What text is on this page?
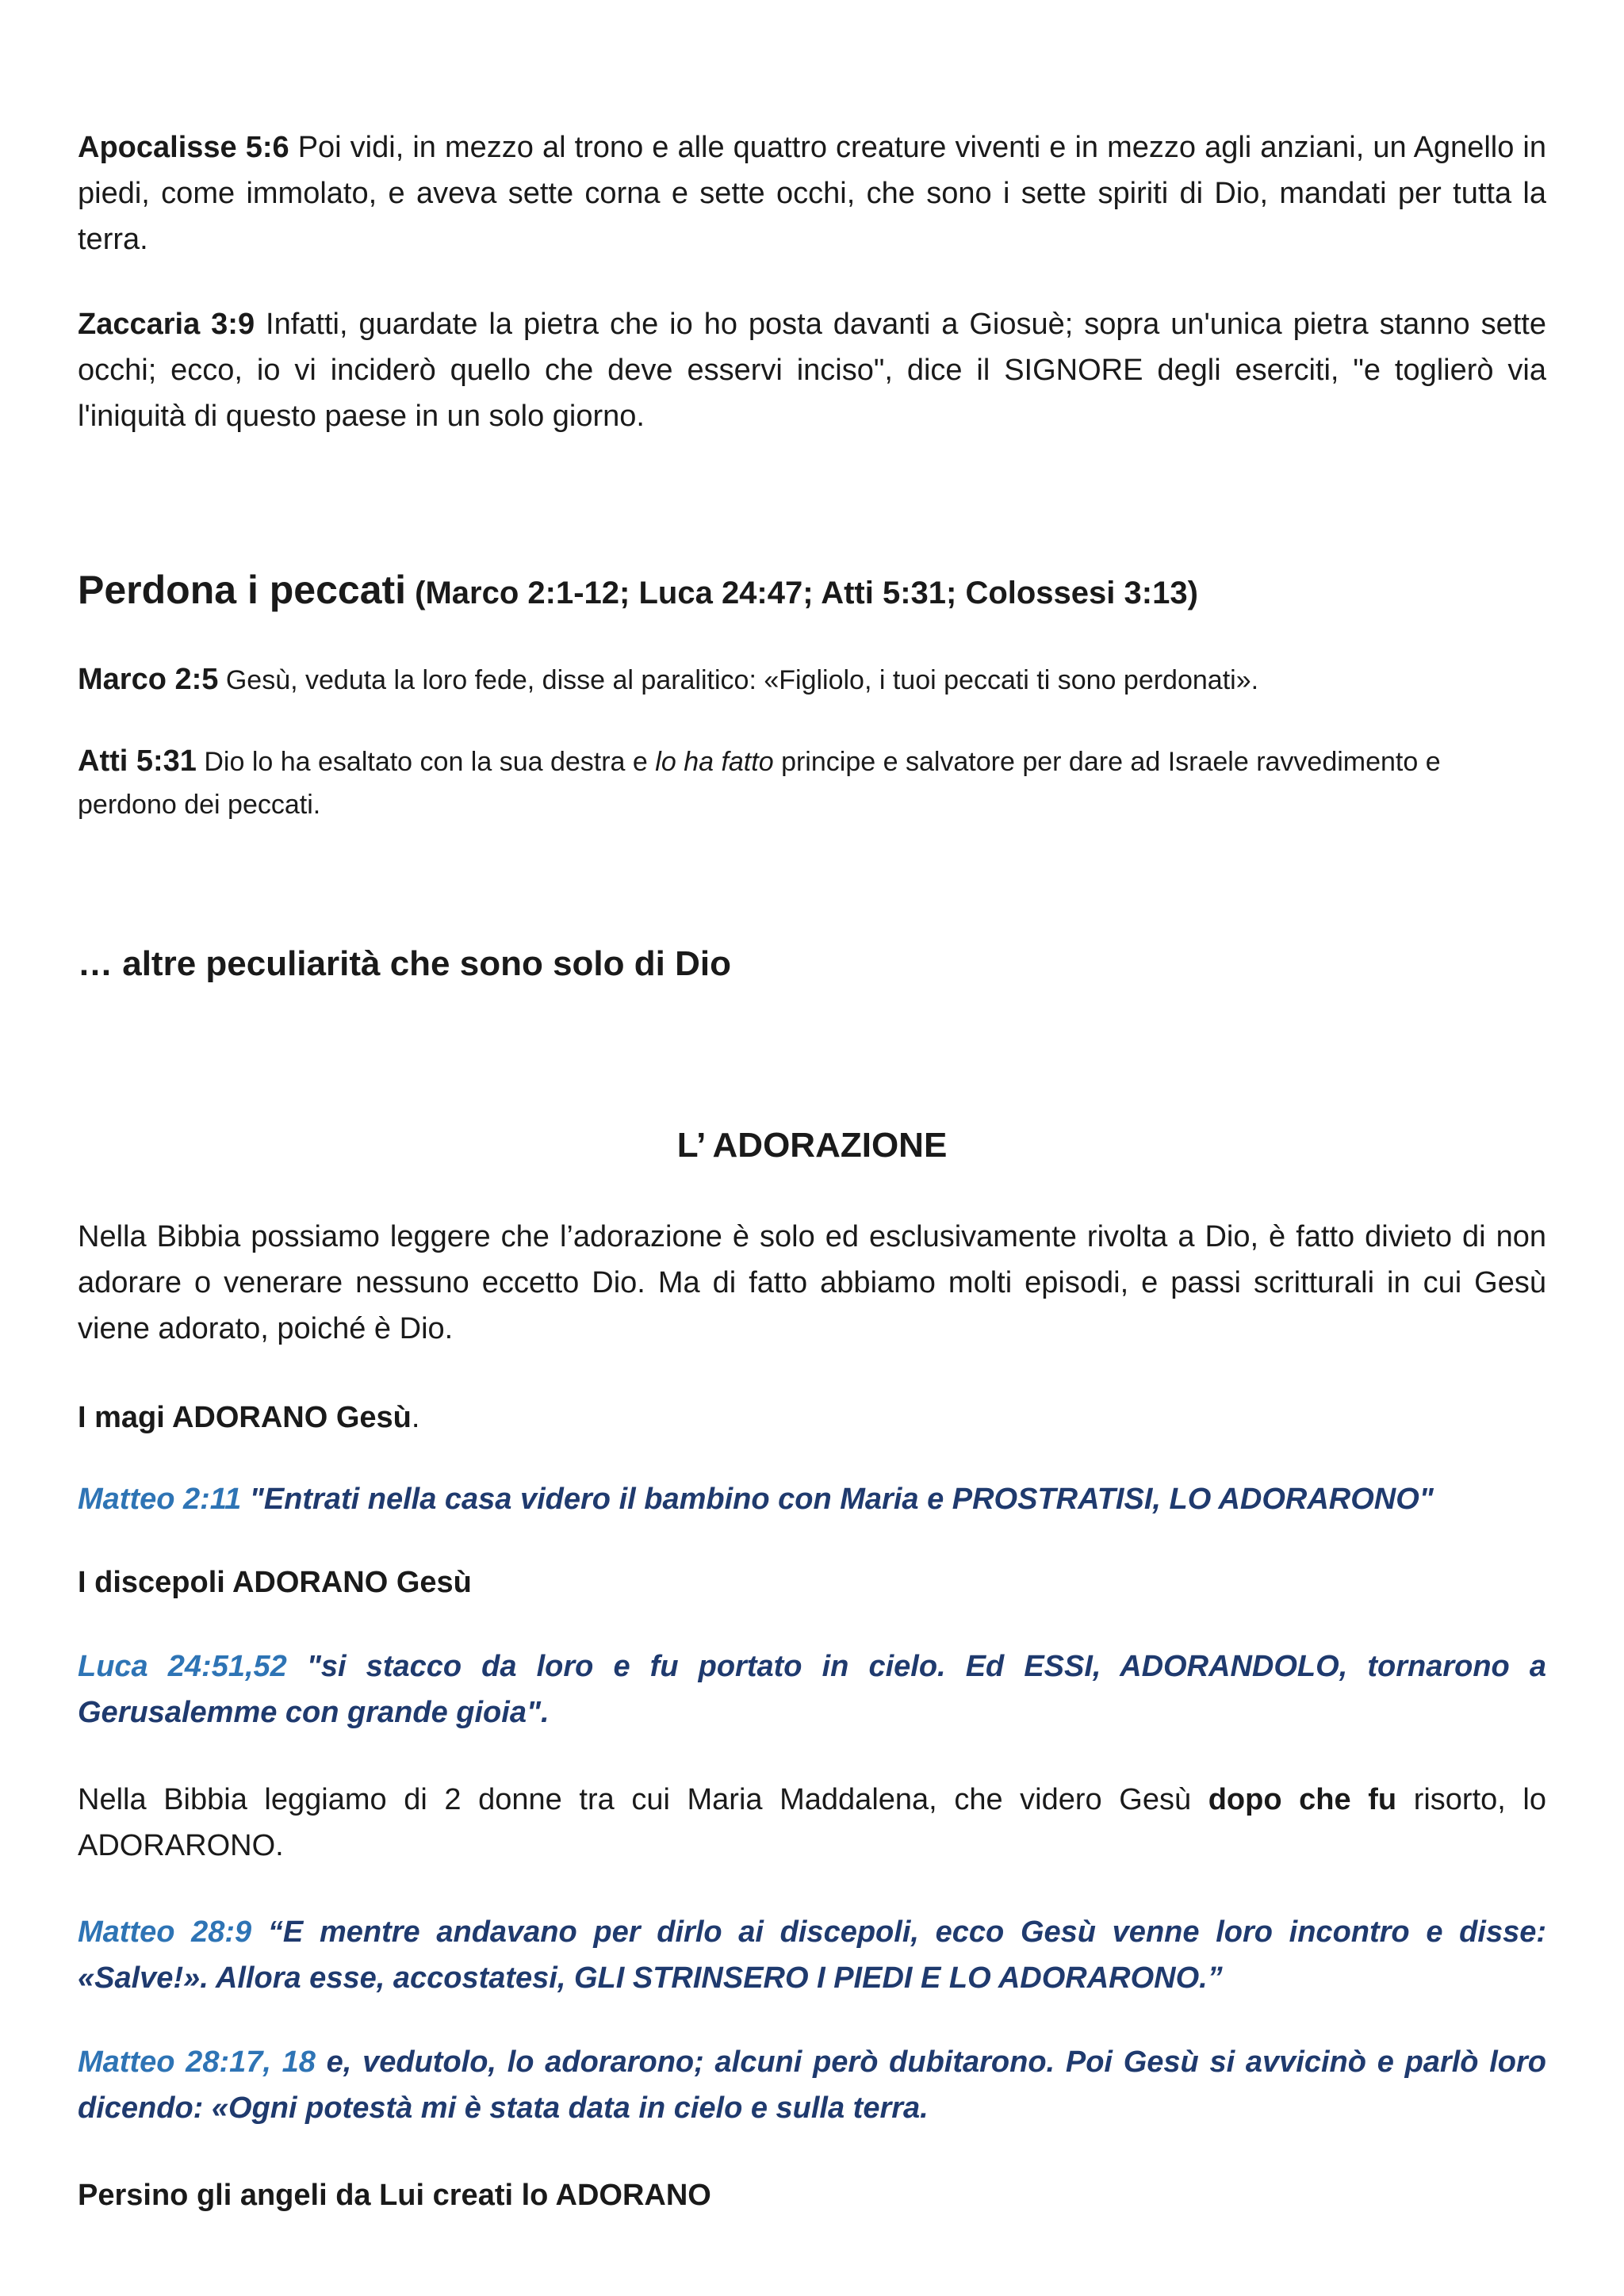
Apocalisse 5:6 Poi vidi, in mezzo al trono e alle quattro creature viventi e in mezzo agli anziani, un Agnello in piedi, come immolato, e aveva sette corna e sette occhi, che sono i sette spiriti di Dio, mandati per tutta la terra.

Zaccaria 3:9 Infatti, guardate la pietra che io ho posta davanti a Giosuè; sopra un'unica pietra stanno sette occhi; ecco, io vi inciderò quello che deve esservi inciso", dice il SIGNORE degli eserciti, "e toglierò via l'iniquità di questo paese in un solo giorno.

Perdona i peccati (Marco 2:1-12; Luca 24:47; Atti 5:31; Colossesi 3:13)

Marco 2:5 Gesù, veduta la loro fede, disse al paralitico: «Figliolo, i tuoi peccati ti sono perdonati».

Atti 5:31 Dio lo ha esaltato con la sua destra e lo ha fatto principe e salvatore per dare ad Israele ravvedimento e perdono dei peccati.

… altre peculiarità che sono solo di Dio

L’ ADORAZIONE

Nella Bibbia possiamo leggere che l’adorazione è solo ed esclusivamente rivolta a Dio, è fatto divieto di non adorare o venerare nessuno eccetto Dio. Ma di fatto abbiamo molti episodi, e passi scritturali in cui Gesù viene adorato, poiché è Dio.

I magi ADORANO Gesù.

Matteo 2:11 "Entrati nella casa videro il bambino con Maria e PROSTRATISI, LO ADORARONO"

I discepoli ADORANO Gesù

Luca 24:51,52 "si stacco da loro e fu portato in cielo. Ed ESSI, ADORANDOLO, tornarono a Gerusalemme con grande gioia".

Nella Bibbia leggiamo di 2 donne tra cui Maria Maddalena, che videro Gesù dopo che fu risorto, lo ADORARONO.

Matteo 28:9 “E mentre andavano per dirlo ai discepoli, ecco Gesù venne loro incontro e disse: «Salve!». Allora esse, accostatesi, GLI STRINSERO I PIEDI E LO ADORARONO.”

Matteo 28:17, 18 e, vedutolo, lo adorarono; alcuni però dubitarono. Poi Gesù si avvicinò e parlò loro dicendo: «Ogni potestà mi è stata data in cielo e sulla terra.

Persino gli angeli da Lui creati lo ADORANO
